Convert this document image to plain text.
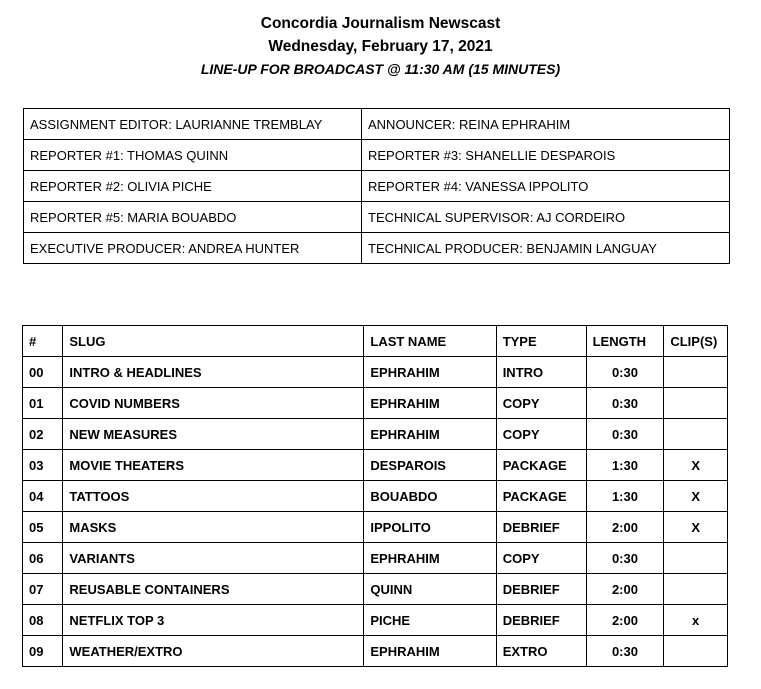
Concordia Journalism Newscast
Wednesday, February 17, 2021
LINE-UP FOR BROADCAST @ 11:30 AM (15 MINUTES)
ASSIGNMENT EDITOR: LAURIANNE TREMBLAY	ANNOUNCER: REINA EPHRAHIM
REPORTER #1: THOMAS QUINN	REPORTER #3: SHANELLIE DESPAROIS
REPORTER #2: OLIVIA PICHE	REPORTER #4: VANESSA IPPOLITO
REPORTER #5: MARIA BOUABDO	TECHNICAL SUPERVISOR: AJ CORDEIRO
EXECUTIVE PRODUCER: ANDREA HUNTER	TECHNICAL PRODUCER: BENJAMIN LANGUAY
#	SLUG	LAST NAME	TYPE	LENGTH	CLIP(S)
00	INTRO & HEADLINES	EPHRAHIM	INTRO	0:30	
01	COVID NUMBERS	EPHRAHIM	COPY	0:30	
02	NEW MEASURES	EPHRAHIM	COPY	0:30	
03	MOVIE THEATERS	DESPAROIS	PACKAGE	1:30	X
04	TATTOOS	BOUABDO	PACKAGE	1:30	X
05	MASKS	IPPOLITO	DEBRIEF	2:00	X
06	VARIANTS	EPHRAHIM	COPY	0:30	
07	REUSABLE CONTAINERS	QUINN	DEBRIEF	2:00	
08	NETFLIX TOP 3	PICHE	DEBRIEF	2:00	x
09	WEATHER/EXTRO	EPHRAHIM	EXTRO	0:30	
